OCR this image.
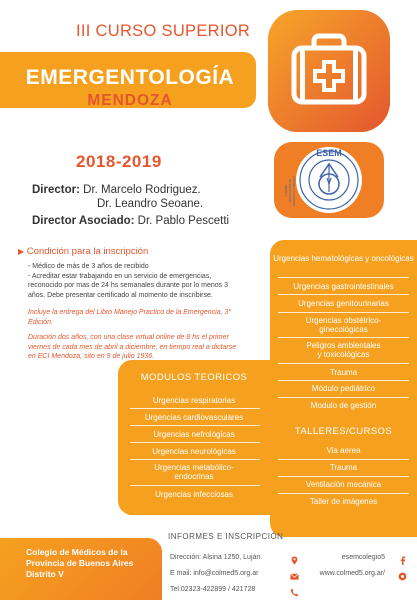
III CURSO SUPERIOR
EMERGENTOLOGÍA
MENDOZA
2018-2019
Director: Dr. Marcelo Rodriguez.
Dr. Leandro Seoane.
Director Asociado: Dr. Pablo Pescetti
ESEM
ESCUELA SUPERIOR DE EDUCACIÓN MÉDICA
V
▶ Condición para la inscripción
- Médico de más de 3 años de recibido
- Acreditar estar trabajando en un servicio de emergencias,
reconocido por mas de 24 hs semanales durante por lo menos 3
años. Debe presentar certificado al momento de inscribirse.
Incluye la entrega del Libro Manejo Practico de la Emergencia, 3° Edición.
Duración dos años, con una clase virtual online de 8 hs el primer viernes de cada mes de abril a diciembre, en tiempo real a dictarse en ECI Mendoza, sito en 9 de julio 1936.
Urgencias hematológicas y oncológicas
Urgencias gastrointestinales
Urgencias genitourinarias
Urgencias obstétrico-ginecológicas
Peligros ambientales y toxicológicas
Trauma
Módulo pediátrico
Modulo de gestión
TALLERES/CURSOS
Via aerea
Trauma
Ventilación mecánica
Taller de imágenes
MODULOS TEORICOS
Urgencias respiratorias
Urgencias cardiovasculares
Urgencias nefrológicas
Urgencias neurológicas
Urgencias metabólico-endocrinas
Urgencias infecciosas
Colegio de Médicos de la
Provincia de Buenos Aires
Distrito V
INFORMES E INSCRIPCIÓN
Dirección: Alsina 1250, Luján.
E mail: info@colmed5.org.ar
Tel.02323-422899 / 421728
esemcolegio5
www.colmed5.org.ar/
